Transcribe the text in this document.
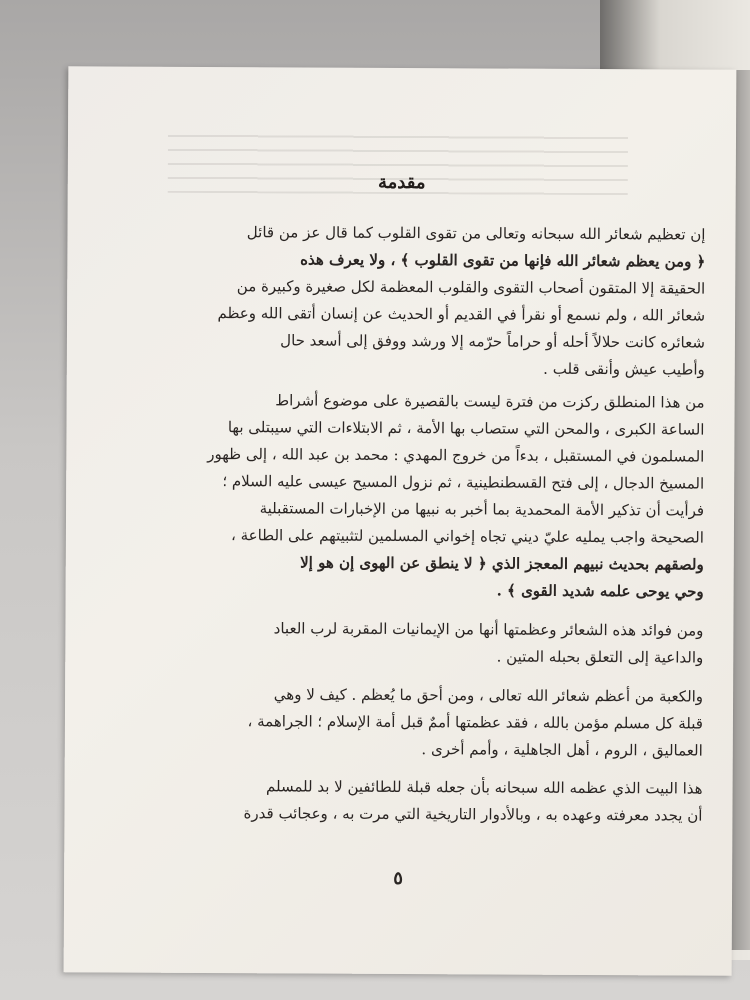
مقدمة
إن تعظيم شعائر الله سبحانه وتعالى من تقوى القلوب كما قال عز من قائل
﴿ ومن يعظم شعائر الله فإنها من تقوى القلوب ﴾ ، ولا يعرف هذه
الحقيقة إلا المتقون أصحاب التقوى والقلوب المعظمة لكل صغيرة وكبيرة من
شعائر الله ، ولم نسمع أو نقرأ في القديم أو الحديث عن إنسان أتقى الله وعظم
شعائره كانت حلالاً أحله أو حراماً حرّمه إلا ورشد ووفق إلى أسعد حال
وأطيب عيش وأنقى قلب .
من هذا المنطلق ركزت من فترة ليست بالقصيرة على موضوع أشراط
الساعة الكبرى ، والمحن التي ستصاب بها الأمة ، ثم الابتلاءات التي سيبتلى بها
المسلمون في المستقبل ، بدءاً من خروج المهدي : محمد بن عبد الله ، إلى ظهور
المسيخ الدجال ، إلى فتح القسطنطينية ، ثم نزول المسيح عيسى عليه السلام ؛
فرأيت أن تذكير الأمة المحمدية بما أخبر به نبيها من الإخبارات المستقبلية
الصحيحة واجب يمليه عليّ ديني تجاه إخواني المسلمين لتثبيتهم على الطاعة ،
ولصقهم بحديث نبيهم المعجز الذي ﴿ لا ينطق عن الهوى إن هو إلا
وحي يوحى علمه شديد القوى ﴾ .
ومن فوائد هذه الشعائر وعظمتها أنها من الإيمانيات المقربة لرب العباد
والداعية إلى التعلق بحبله المتين .
والكعبة من أعظم شعائر الله تعالى ، ومن أحق ما يُعظم . كيف لا وهي
قبلة كل مسلم مؤمن بالله ، فقد عظمتها أممٌ قبل أمة الإسلام ؛ الجراهمة ،
العماليق ، الروم ، أهل الجاهلية ، وأمم أخرى .
هذا البيت الذي عظمه الله سبحانه بأن جعله قبلة للطائفين لا بد للمسلم
أن يجدد معرفته وعهده به ، وبالأدوار التاريخية التي مرت به ، وعجائب قدرة
٥
